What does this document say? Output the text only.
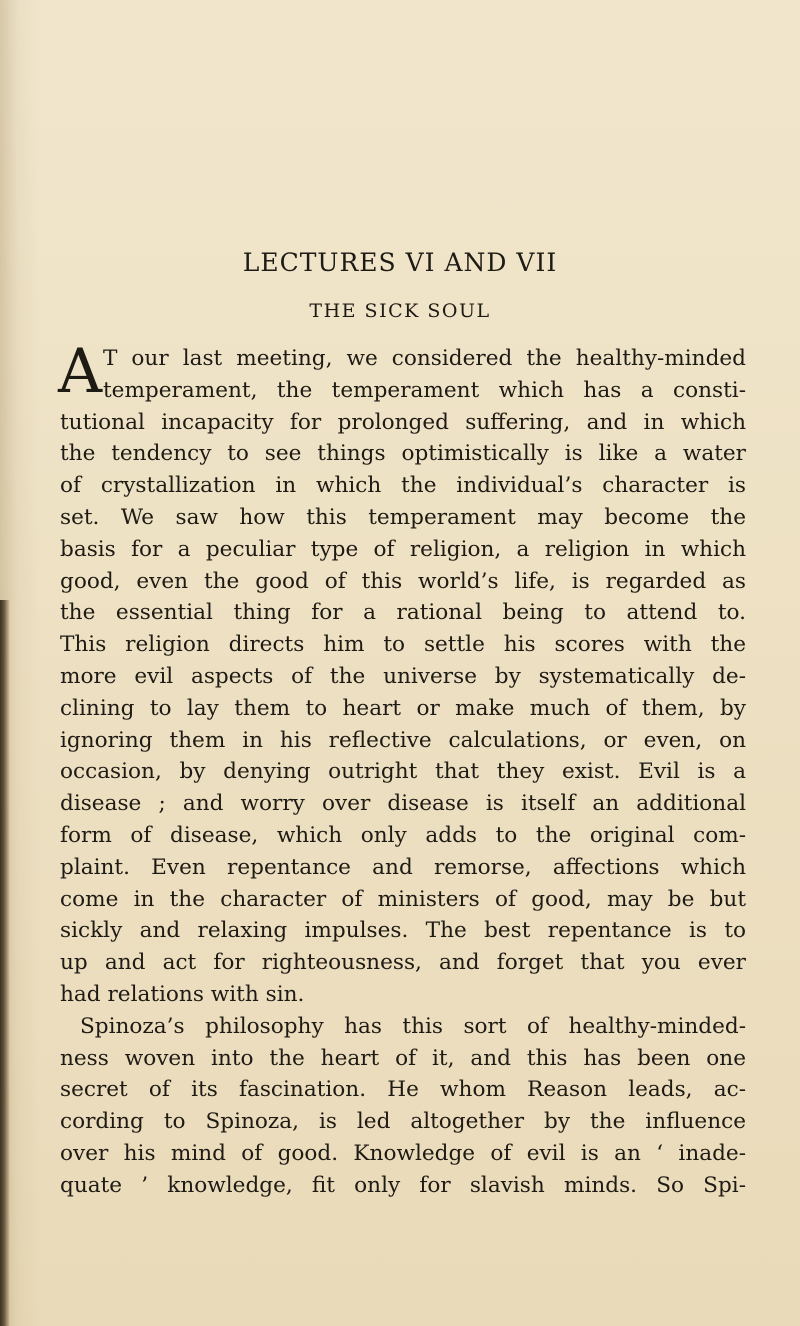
LECTURES VI AND VII
THE SICK SOUL
A T our last meeting, we considered the healthy-minded
temperament, the temperament which has a consti-
tutional incapacity for prolonged suffering, and in which
the tendency to see things optimistically is like a water
of crystallization in which the individual’s character is
set. We saw how this temperament may become the
basis for a peculiar type of religion, a religion in which
good, even the good of this world’s life, is regarded as
the essential thing for a rational being to attend to.
This religion directs him to settle his scores with the
more evil aspects of the universe by systematically de-
clining to lay them to heart or make much of them, by
ignoring them in his reflective calculations, or even, on
occasion, by denying outright that they exist. Evil is a
disease ; and worry over disease is itself an additional
form of disease, which only adds to the original com-
plaint. Even repentance and remorse, affections which
come in the character of ministers of good, may be but
sickly and relaxing impulses. The best repentance is to
up and act for righteousness, and forget that you ever
had relations with sin.
Spinoza’s philosophy has this sort of healthy-minded-
ness woven into the heart of it, and this has been one
secret of its fascination. He whom Reason leads, ac-
cording to Spinoza, is led altogether by the influence
over his mind of good. Knowledge of evil is an ‘ inade-
quate ’ knowledge, fit only for slavish minds. So Spi-
